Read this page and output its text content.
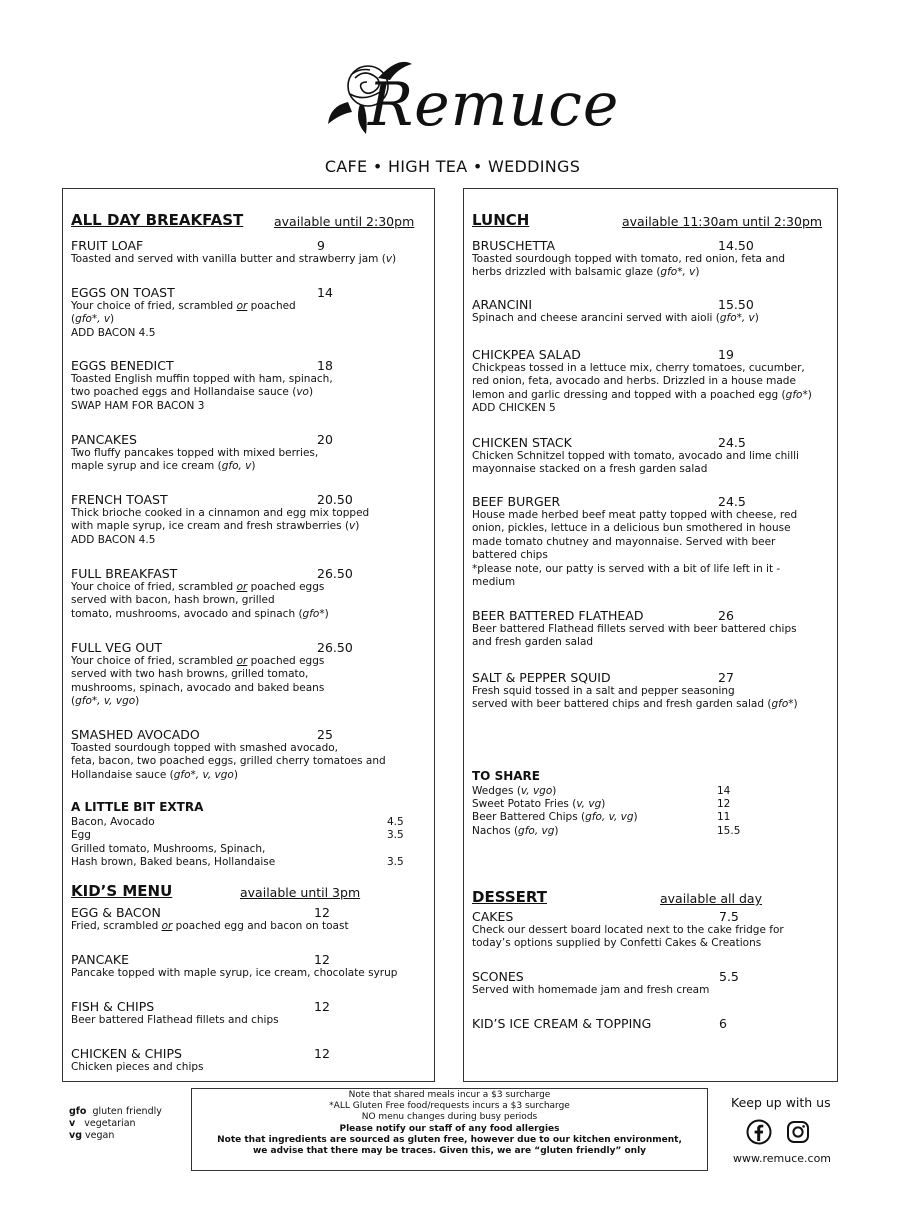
Remuce
CAFE • HIGH TEA • WEDDINGS
ALL DAY BREAKFAST available until 2:30pm
FRUIT LOAF	9
Toasted and served with vanilla butter and strawberry jam (v)
EGGS ON TOAST	14
Your choice of fried, scrambled or poached
(gfo*, v)
ADD BACON 4.5
EGGS BENEDICT	18
Toasted English muffin topped with ham, spinach,
two poached eggs and Hollandaise sauce (vo)
SWAP HAM FOR BACON 3
PANCAKES	20
Two fluffy pancakes topped with mixed berries,
maple syrup and ice cream (gfo, v)
FRENCH TOAST	20.50
Thick brioche cooked in a cinnamon and egg mix topped
with maple syrup, ice cream and fresh strawberries (v)
ADD BACON 4.5
FULL BREAKFAST	26.50
Your choice of fried, scrambled or poached eggs
served with bacon, hash brown, grilled
tomato, mushrooms, avocado and spinach (gfo*)
FULL VEG OUT	26.50
Your choice of fried, scrambled or poached eggs
served with two hash browns, grilled tomato,
mushrooms, spinach, avocado and baked beans
(gfo*, v, vgo)
SMASHED AVOCADO	25
Toasted sourdough topped with smashed avocado,
feta, bacon, two poached eggs, grilled cherry tomatoes and
Hollandaise sauce (gfo*, v, vgo)
A LITTLE BIT EXTRA
Bacon, Avocado	4.5
Egg	3.5
Grilled tomato, Mushrooms, Spinach,
Hash brown, Baked beans, Hollandaise	3.5
KID’S MENU	available until 3pm
EGG & BACON	12
Fried, scrambled or poached egg and bacon on toast
PANCAKE	12
Pancake topped with maple syrup, ice cream, chocolate syrup
FISH & CHIPS	12
Beer battered Flathead fillets and chips
CHICKEN & CHIPS	12
Chicken pieces and chips
LUNCH	available 11:30am until 2:30pm
BRUSCHETTA	14.50
Toasted sourdough topped with tomato, red onion, feta and
herbs drizzled with balsamic glaze (gfo*, v)
ARANCINI	15.50
Spinach and cheese arancini served with aioli (gfo*, v)
CHICKPEA SALAD	19
Chickpeas tossed in a lettuce mix, cherry tomatoes, cucumber,
red onion, feta, avocado and herbs. Drizzled in a house made
lemon and garlic dressing and topped with a poached egg (gfo*)
ADD CHICKEN 5
CHICKEN STACK	24.5
Chicken Schnitzel topped with tomato, avocado and lime chilli
mayonnaise stacked on a fresh garden salad
BEEF BURGER	24.5
House made herbed beef meat patty topped with cheese, red
onion, pickles, lettuce in a delicious bun smothered in house
made tomato chutney and mayonnaise. Served with beer
battered chips
*please note, our patty is served with a bit of life left in it -
medium
BEER BATTERED FLATHEAD	26
Beer battered Flathead fillets served with beer battered chips
and fresh garden salad
SALT & PEPPER SQUID	27
Fresh squid tossed in a salt and pepper seasoning
served with beer battered chips and fresh garden salad (gfo*)
TO SHARE
Wedges (v, vgo)	14
Sweet Potato Fries (v, vg)	12
Beer Battered Chips (gfo, v, vg)	11
Nachos (gfo, vg)	15.5
DESSERT	available all day
CAKES	7.5
Check our dessert board located next to the cake fridge for
today’s options supplied by Confetti Cakes & Creations
SCONES	5.5
Served with homemade jam and fresh cream
KID’S ICE CREAM & TOPPING	6
gfo gluten friendly
v vegetarian
vg vegan
Note that shared meals incur a $3 surcharge
*ALL Gluten Free food/requests incurs a $3 surcharge
NO menu changes during busy periods
Please notify our staff of any food allergies
Note that ingredients are sourced as gluten free, however due to our kitchen environment,
we advise that there may be traces. Given this, we are “gluten friendly” only
Keep up with us
www.remuce.com
